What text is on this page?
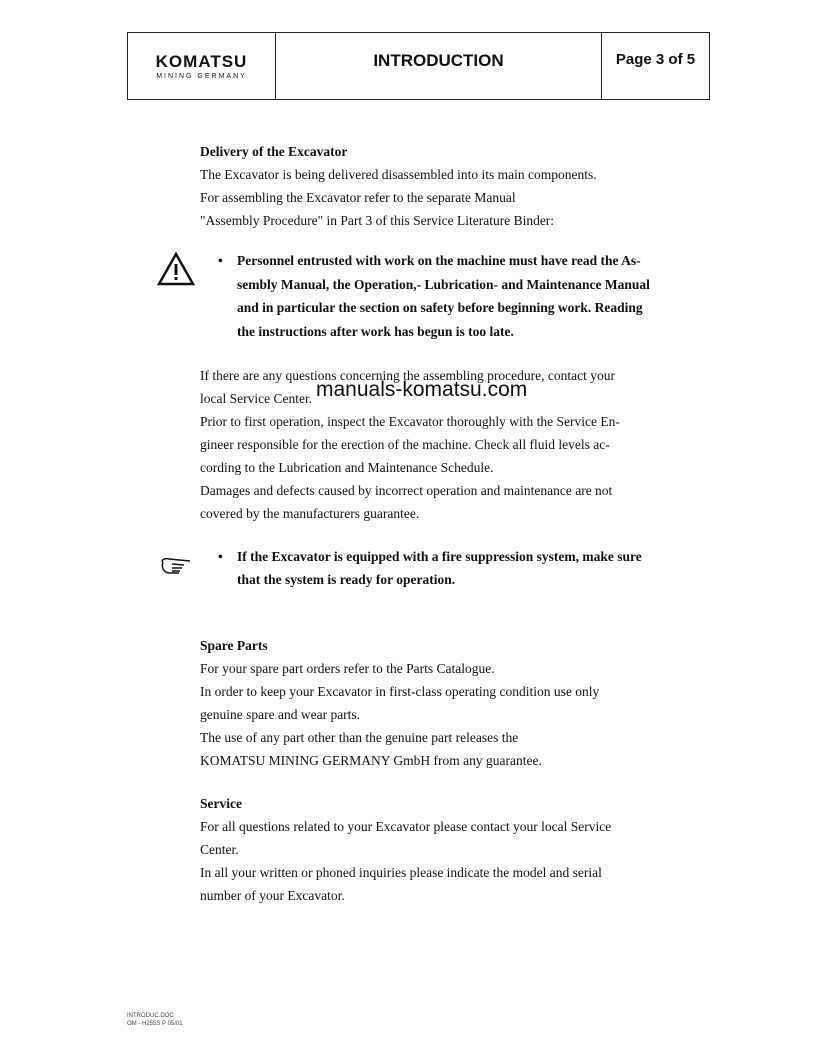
KOMATSU
MINING GERMANY
INTRODUCTION	Page 3 of 5

Delivery of the Excavator

The Excavator is being delivered disassembled into its main components.

For assembling the Excavator refer to the separate Manual

"Assembly Procedure" in Part 3 of this Service Literature Binder:

• Personnel entrusted with work on the machine must have read the As-

sembly Manual, the Operation,- Lubrication- and Maintenance Manual

and in particular the section on safety before beginning work. Reading

the instructions after work has begun is too late.

If there are any questions concerning the assembling procedure, contact your

local Service Center.

Prior to first operation, inspect the Excavator thoroughly with the Service En-

gineer responsible for the erection of the machine. Check all fluid levels ac-

cording to the Lubrication and Maintenance Schedule.

Damages and defects caused by incorrect operation and maintenance are not

covered by the manufacturers guarantee.

manuals-komatsu.com
• If the Excavator is equipped with a fire suppression system, make sure

that the system is ready for operation.

Spare Parts

For your spare part orders refer to the Parts Catalogue.

In order to keep your Excavator in first-class operating condition use only

genuine spare and wear parts.

The use of any part other than the genuine part releases the

KOMATSU MINING GERMANY GmbH from any guarantee.

Service

For all questions related to your Excavator please contact your local Service

Center.

In all your written or phoned inquiries please indicate the model and serial

number of your Excavator.

INTRODUC.DOC
OM - H255S P 05/01
